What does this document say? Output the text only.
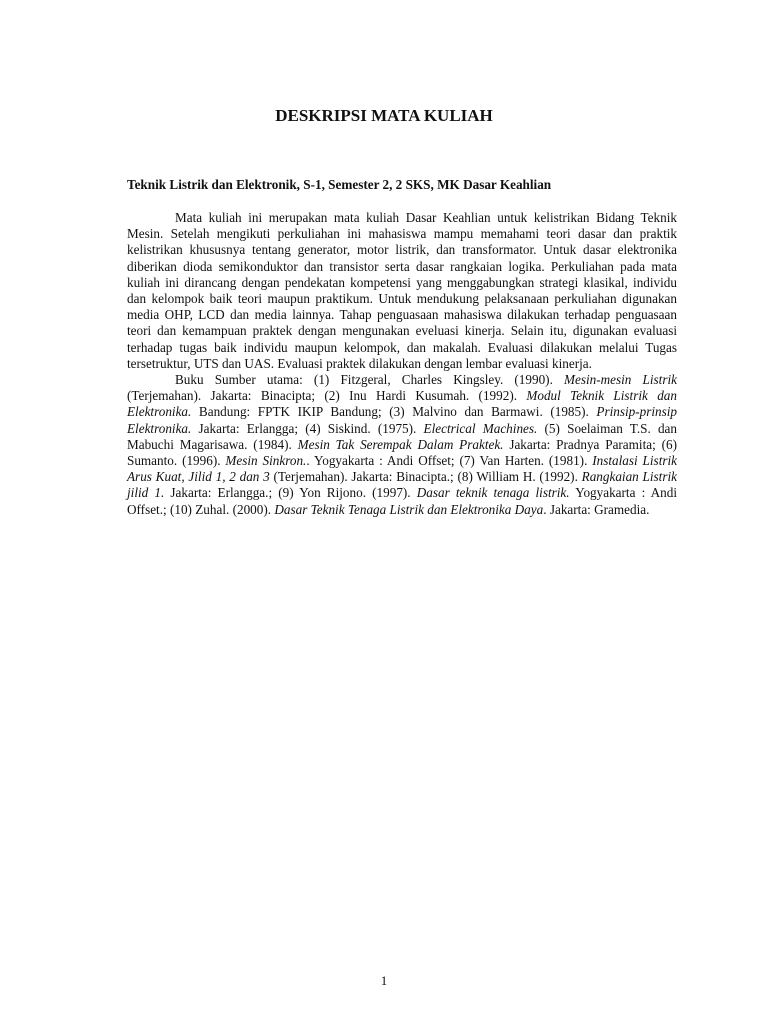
DESKRIPSI MATA KULIAH
Teknik Listrik dan Elektronik, S-1, Semester 2, 2 SKS, MK Dasar Keahlian

Mata kuliah ini merupakan mata kuliah Dasar Keahlian untuk kelistrikan Bidang Teknik Mesin. Setelah mengikuti perkuliahan ini mahasiswa mampu memahami teori dasar dan praktik kelistrikan khususnya tentang generator, motor listrik, dan transformator. Untuk dasar elektronika diberikan dioda semikonduktor dan transistor serta dasar rangkaian logika. Perkuliahan pada mata kuliah ini dirancang dengan pendekatan kompetensi yang menggabungkan strategi klasikal, individu dan kelompok baik teori maupun praktikum. Untuk mendukung pelaksanaan perkuliahan digunakan media OHP, LCD dan media lainnya. Tahap penguasaan mahasiswa dilakukan terhadap penguasaan teori dan kemampuan praktek dengan mengunakan eveluasi kinerja. Selain itu, digunakan evaluasi terhadap tugas baik individu maupun kelompok, dan makalah. Evaluasi dilakukan melalui Tugas tersetruktur, UTS dan UAS. Evaluasi praktek dilakukan dengan lembar evaluasi kinerja.

Buku Sumber utama: (1) Fitzgeral, Charles Kingsley. (1990). Mesin-mesin Listrik (Terjemahan). Jakarta: Binacipta; (2) Inu Hardi Kusumah. (1992). Modul Teknik Listrik dan Elektronika. Bandung: FPTK IKIP Bandung; (3) Malvino dan Barmawi. (1985). Prinsip-prinsip Elektronika. Jakarta: Erlangga; (4) Siskind. (1975). Electrical Machines. (5) Soelaiman T.S. dan Mabuchi Magarisawa. (1984). Mesin Tak Serempak Dalam Praktek. Jakarta: Pradnya Paramita; (6) Sumanto. (1996). Mesin Sinkron.. Yogyakarta : Andi Offset; (7) Van Harten. (1981). Instalasi Listrik Arus Kuat, Jilid 1, 2 dan 3 (Terjemahan). Jakarta: Binacipta.; (8) William H. (1992). Rangkaian Listrik jilid 1. Jakarta: Erlangga.; (9) Yon Rijono. (1997). Dasar teknik tenaga listrik. Yogyakarta : Andi Offset.; (10) Zuhal. (2000). Dasar Teknik Tenaga Listrik dan Elektronika Daya. Jakarta: Gramedia.

1
